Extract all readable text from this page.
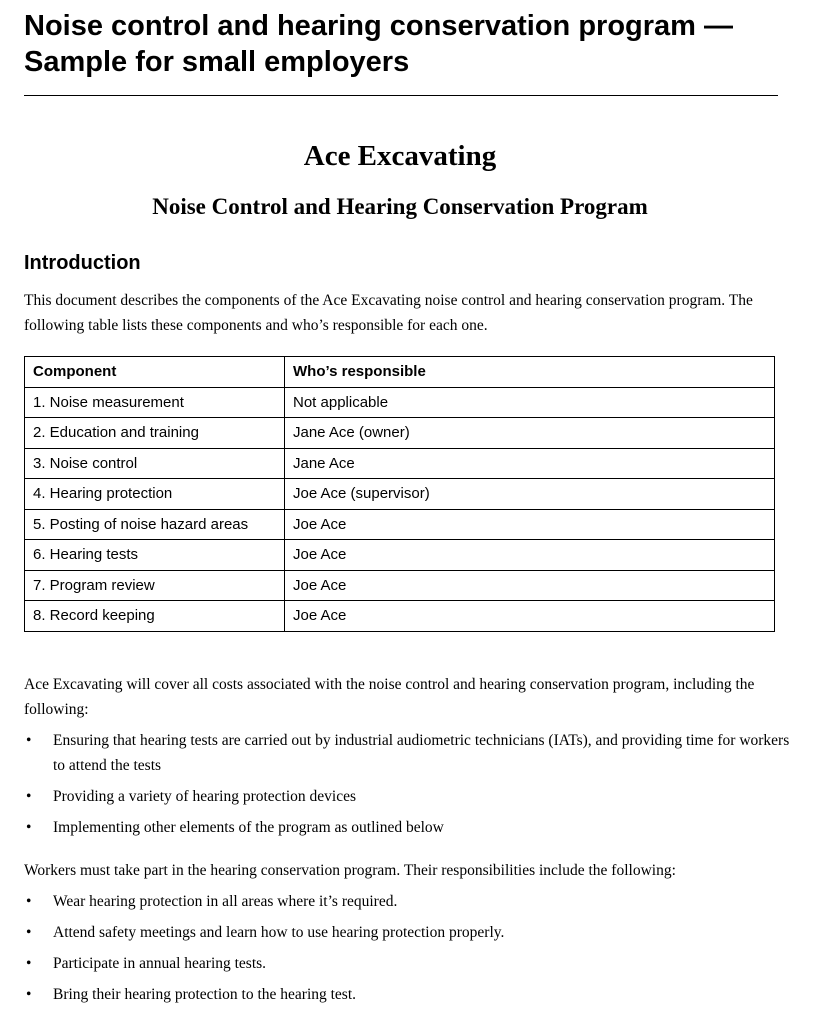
Noise control and hearing conservation program — Sample for small employers
Ace Excavating
Noise Control and Hearing Conservation Program
Introduction

This document describes the components of the Ace Excavating noise control and hearing conservation program. The following table lists these components and who’s responsible for each one.

Component	Who’s responsible
1. Noise measurement	Not applicable
2. Education and training	Jane Ace (owner)
3. Noise control	Jane Ace
4. Hearing protection	Joe Ace (supervisor)
5. Posting of noise hazard areas	Joe Ace
6. Hearing tests	Joe Ace
7. Program review	Joe Ace
8. Record keeping	Joe Ace

Ace Excavating will cover all costs associated with the noise control and hearing conservation program, including the following:

• Ensuring that hearing tests are carried out by industrial audiometric technicians (IATs), and providing time for workers to attend the tests
• Providing a variety of hearing protection devices
• Implementing other elements of the program as outlined below

Workers must take part in the hearing conservation program. Their responsibilities include the following:

• Wear hearing protection in all areas where it’s required.
• Attend safety meetings and learn how to use hearing protection properly.
• Participate in annual hearing tests.
• Bring their hearing protection to the hearing test.
